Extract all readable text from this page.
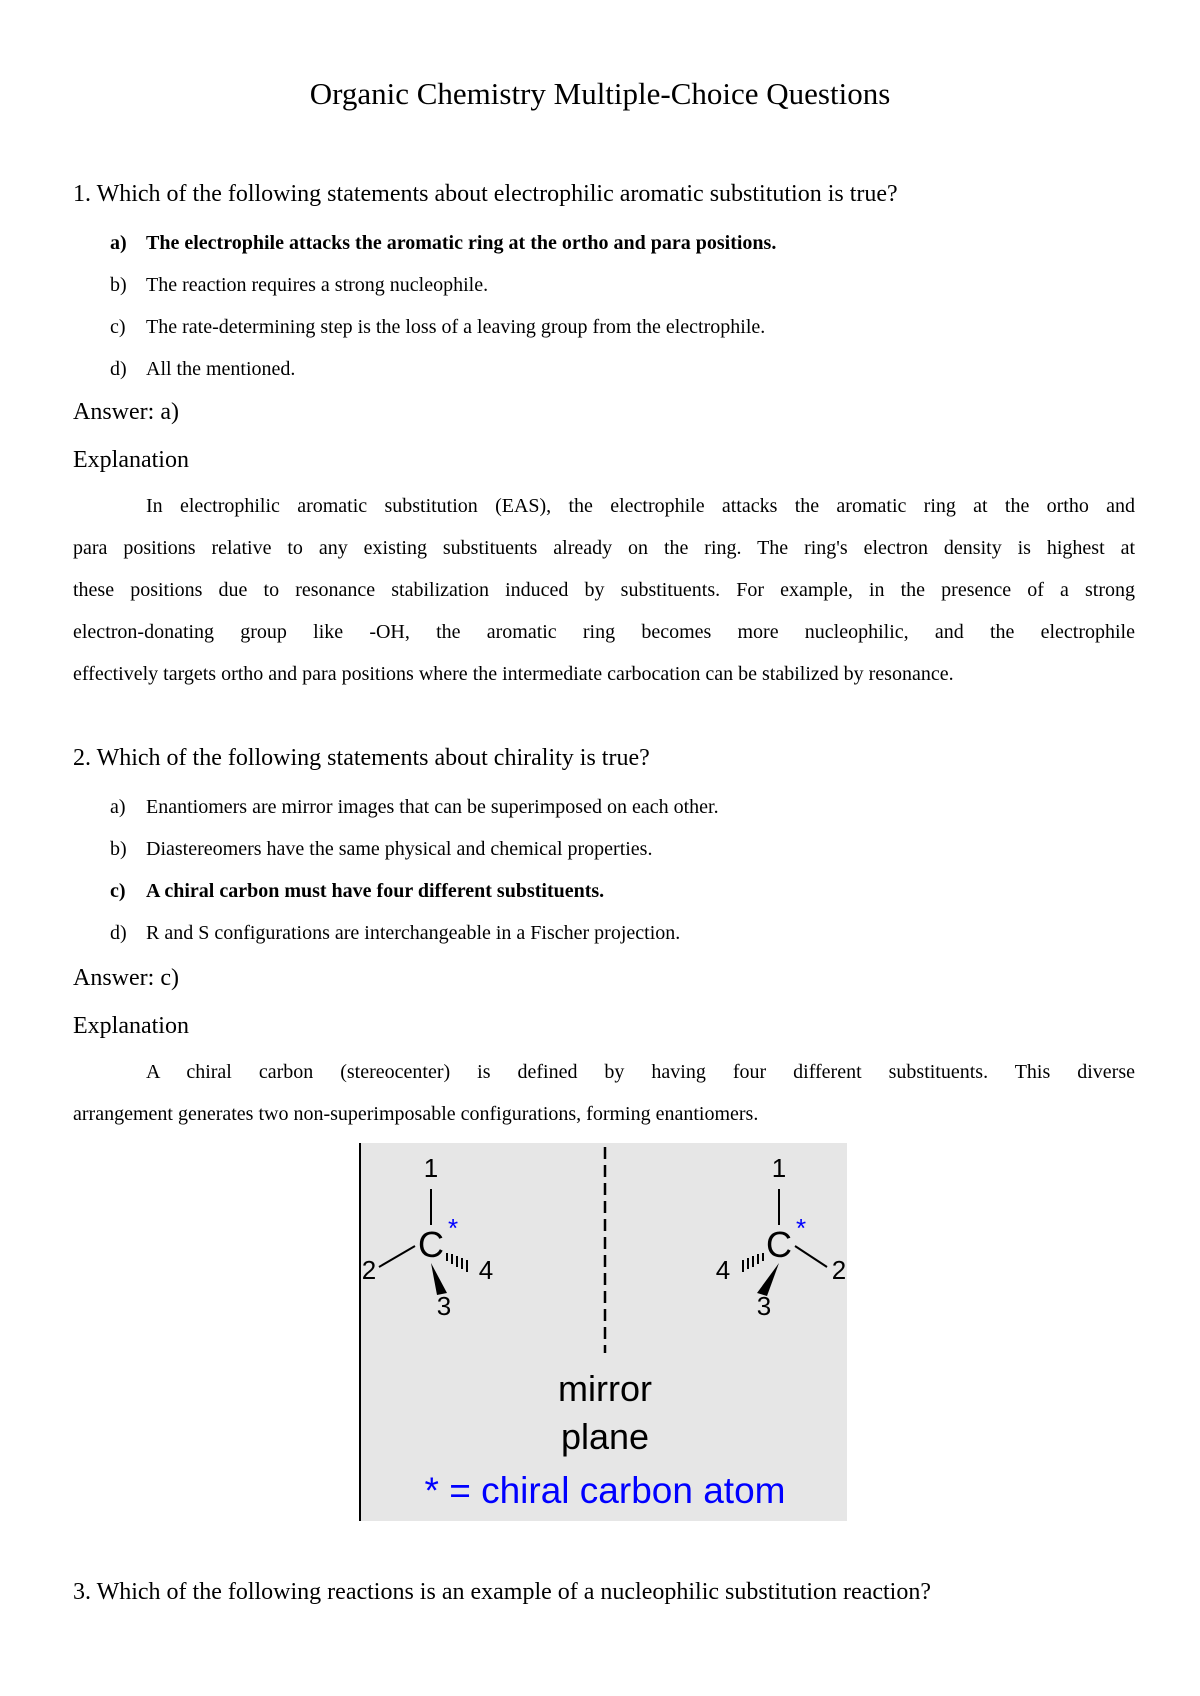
Organic Chemistry Multiple-Choice Questions
1. Which of the following statements about electrophilic aromatic substitution is true?
a) The electrophile attacks the aromatic ring at the ortho and para positions.
b) The reaction requires a strong nucleophile.
c) The rate-determining step is the loss of a leaving group from the electrophile.
d) All the mentioned.
Answer: a)
Explanation
In electrophilic aromatic substitution (EAS), the electrophile attacks the aromatic ring at the ortho and
para positions relative to any existing substituents already on the ring. The ring's electron density is highest at
these positions due to resonance stabilization induced by substituents. For example, in the presence of a strong
electron-donating group like -OH, the aromatic ring becomes more nucleophilic, and the electrophile
effectively targets ortho and para positions where the intermediate carbocation can be stabilized by resonance.
2. Which of the following statements about chirality is true?
a) Enantiomers are mirror images that can be superimposed on each other.
b) Diastereomers have the same physical and chemical properties.
c) A chiral carbon must have four different substituents.
d) R and S configurations are interchangeable in a Fischer projection.
Answer: c)
Explanation
A chiral carbon (stereocenter) is defined by having four different substituents. This diverse
arrangement generates two non-superimposable configurations, forming enantiomers.
1
C *
2	4
3
1
C *
4	2
3
mirror
plane
* = chiral carbon atom
3. Which of the following reactions is an example of a nucleophilic substitution reaction?
